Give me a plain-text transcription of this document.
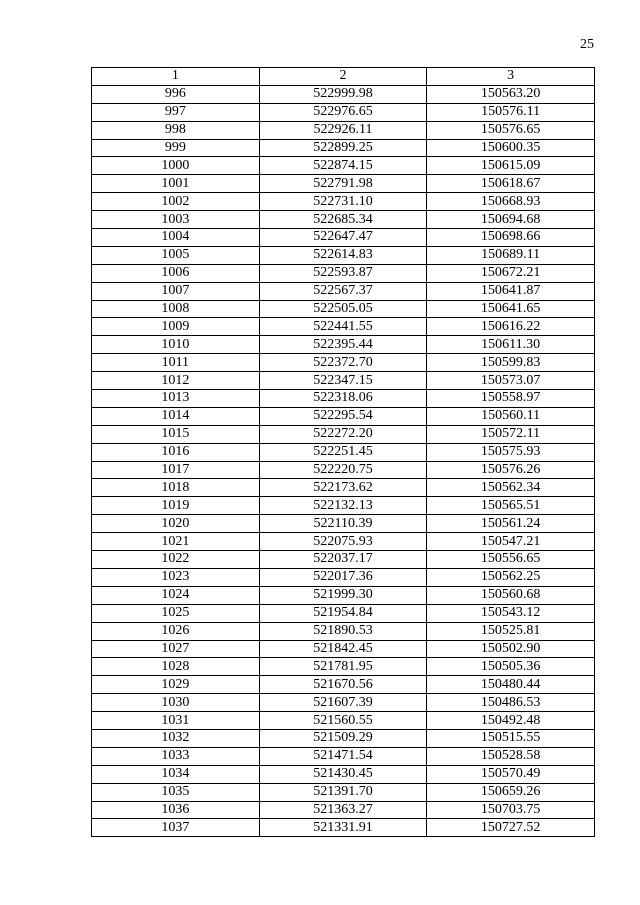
25
1	2	3
996	522999.98	150563.20
997	522976.65	150576.11
998	522926.11	150576.65
999	522899.25	150600.35
1000	522874.15	150615.09
1001	522791.98	150618.67
1002	522731.10	150668.93
1003	522685.34	150694.68
1004	522647.47	150698.66
1005	522614.83	150689.11
1006	522593.87	150672.21
1007	522567.37	150641.87
1008	522505.05	150641.65
1009	522441.55	150616.22
1010	522395.44	150611.30
1011	522372.70	150599.83
1012	522347.15	150573.07
1013	522318.06	150558.97
1014	522295.54	150560.11
1015	522272.20	150572.11
1016	522251.45	150575.93
1017	522220.75	150576.26
1018	522173.62	150562.34
1019	522132.13	150565.51
1020	522110.39	150561.24
1021	522075.93	150547.21
1022	522037.17	150556.65
1023	522017.36	150562.25
1024	521999.30	150560.68
1025	521954.84	150543.12
1026	521890.53	150525.81
1027	521842.45	150502.90
1028	521781.95	150505.36
1029	521670.56	150480.44
1030	521607.39	150486.53
1031	521560.55	150492.48
1032	521509.29	150515.55
1033	521471.54	150528.58
1034	521430.45	150570.49
1035	521391.70	150659.26
1036	521363.27	150703.75
1037	521331.91	150727.52
